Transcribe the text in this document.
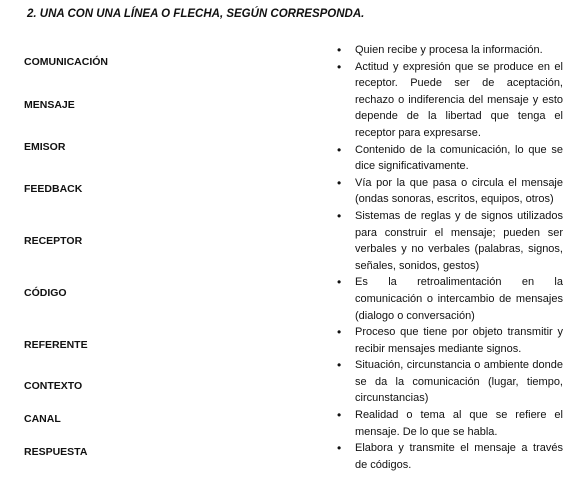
2. UNA CON UNA LÍNEA O FLECHA, SEGÚN CORRESPONDA.
COMUNICACIÓN
MENSAJE
EMISOR
FEEDBACK
RECEPTOR
CÓDIGO
REFERENTE
CONTEXTO
CANAL
RESPUESTA

• Quien recibe y procesa la información.

• Actitud y expresión que se produce en el receptor. Puede ser de aceptación, rechazo o indiferencia del mensaje y esto depende de la libertad que tenga el receptor para expresarse.

• Contenido de la comunicación, lo que se dice significativamente.

• Vía por la que pasa o circula el mensaje (ondas sonoras, escritos, equipos, otros)

• Sistemas de reglas y de signos utilizados para construir el mensaje; pueden ser verbales y no verbales (palabras, signos, señales, sonidos, gestos)

• Es la retroalimentación en la comunicación o intercambio de mensajes (dialogo o conversación)

• Proceso que tiene por objeto transmitir y recibir mensajes mediante signos.

• Situación, circunstancia o ambiente donde se da la comunicación (lugar, tiempo, circunstancias)

• Realidad o tema al que se refiere el mensaje. De lo que se habla.

• Elabora y transmite el mensaje a través de códigos.
